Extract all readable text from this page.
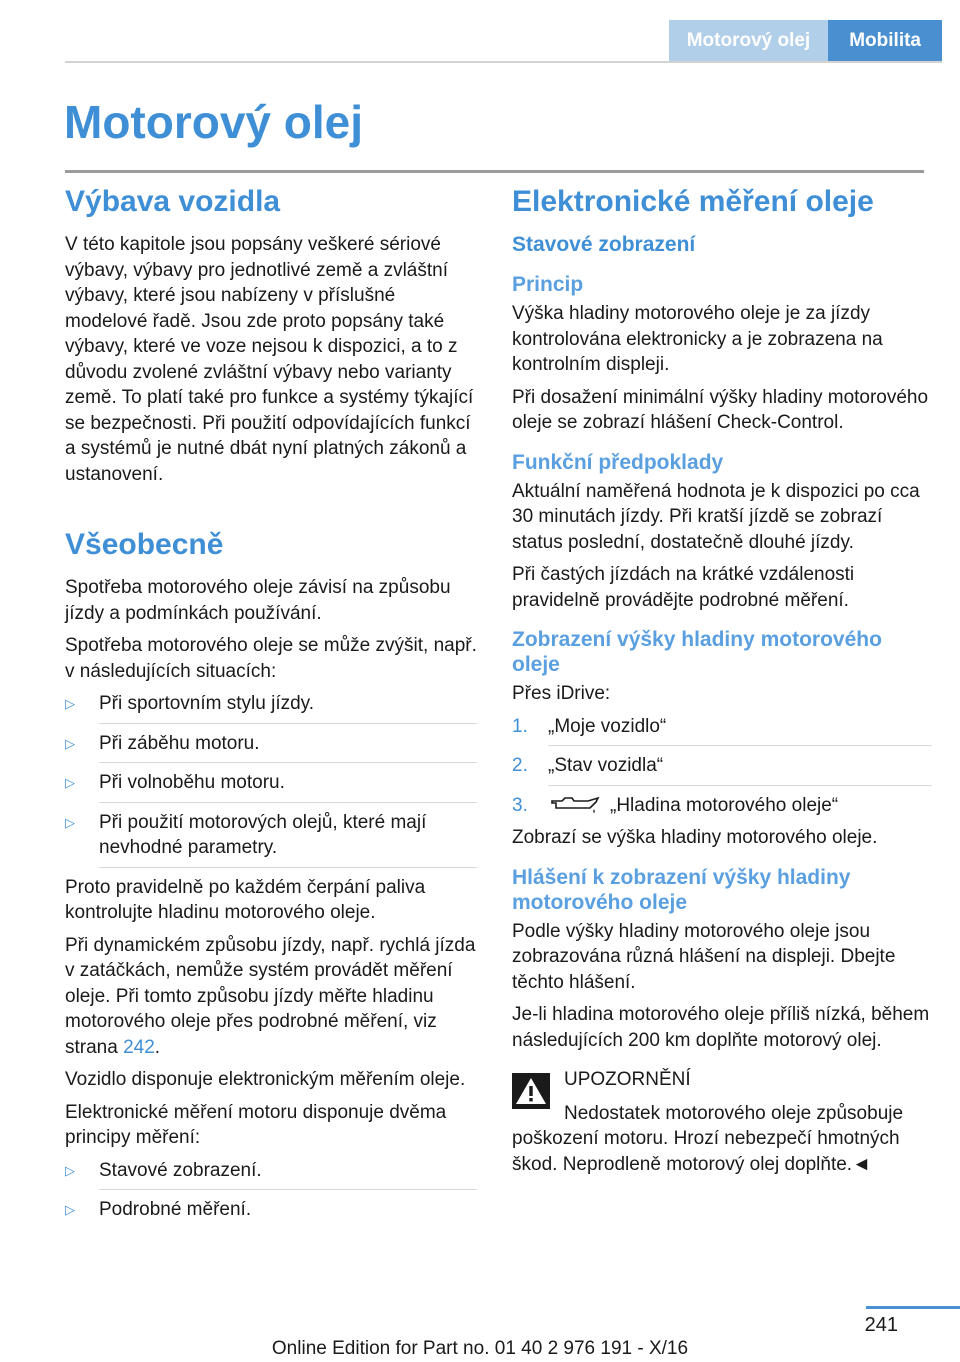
Motorový olej	Mobilita
Motorový olej
Výbava vozidla

V této kapitole jsou popsány veškeré sériové výbavy, výbavy pro jednotlivé země a zvláštní výbavy, které jsou nabízeny v příslušné modelové řadě. Jsou zde proto popsány také výbavy, které ve voze nejsou k dispozici, a to z důvodu zvolené zvláštní výbavy nebo varianty země. To platí také pro funkce a systémy týkající se bezpečnosti. Při použití odpovídajících funkcí a systémů je nutné dbát nyní platných zákonů a ustanovení.

Všeobecně

Spotřeba motorového oleje závisí na způsobu jízdy a podmínkách používání.

Spotřeba motorového oleje se může zvýšit, např. v následujících situacích:

▷ Při sportovním stylu jízdy.
▷ Při záběhu motoru.
▷ Při volnoběhu motoru.
▷ Při použití motorových olejů, které mají nevhodné parametry.

Proto pravidelně po každém čerpání paliva kontrolujte hladinu motorového oleje.

Při dynamickém způsobu jízdy, např. rychlá jízda v zatáčkách, nemůže systém provádět měření oleje. Při tomto způsobu jízdy měřte hladinu motorového oleje přes podrobné měření, viz strana 242.

Vozidlo disponuje elektronickým měřením oleje.

Elektronické měření motoru disponuje dvěma principy měření:

▷ Stavové zobrazení.
▷ Podrobné měření.
Elektronické měření oleje
Stavové zobrazení
Princip

Výška hladiny motorového oleje je za jízdy kontrolována elektronicky a je zobrazena na kontrolním displeji.

Při dosažení minimální výšky hladiny motorového oleje se zobrazí hlášení Check-Control.

Funkční předpoklady

Aktuální naměřená hodnota je k dispozici po cca 30 minutách jízdy. Při kratší jízdě se zobrazí status poslední, dostatečně dlouhé jízdy.

Při častých jízdách na krátké vzdálenosti pravidelně provádějte podrobné měření.

Zobrazení výšky hladiny motorového oleje

Přes iDrive:

1. „Moje vozidlo“
2. „Stav vozidla“
3.	„Hladina motorového oleje“

Zobrazí se výška hladiny motorového oleje.

Hlášení k zobrazení výšky hladiny motorového oleje

Podle výšky hladiny motorového oleje jsou zobrazována různá hlášení na displeji. Dbejte těchto hlášení.

Je-li hladina motorového oleje příliš nízká, během následujících 200 km doplňte motorový olej.

UPOZORNĚNÍ

Nedostatek motorového oleje způsobuje poškození motoru. Hrozí nebezpečí hmotných škod. Neprodleně motorový olej doplňte.◄

241
Online Edition for Part no. 01 40 2 976 191 - X/16
